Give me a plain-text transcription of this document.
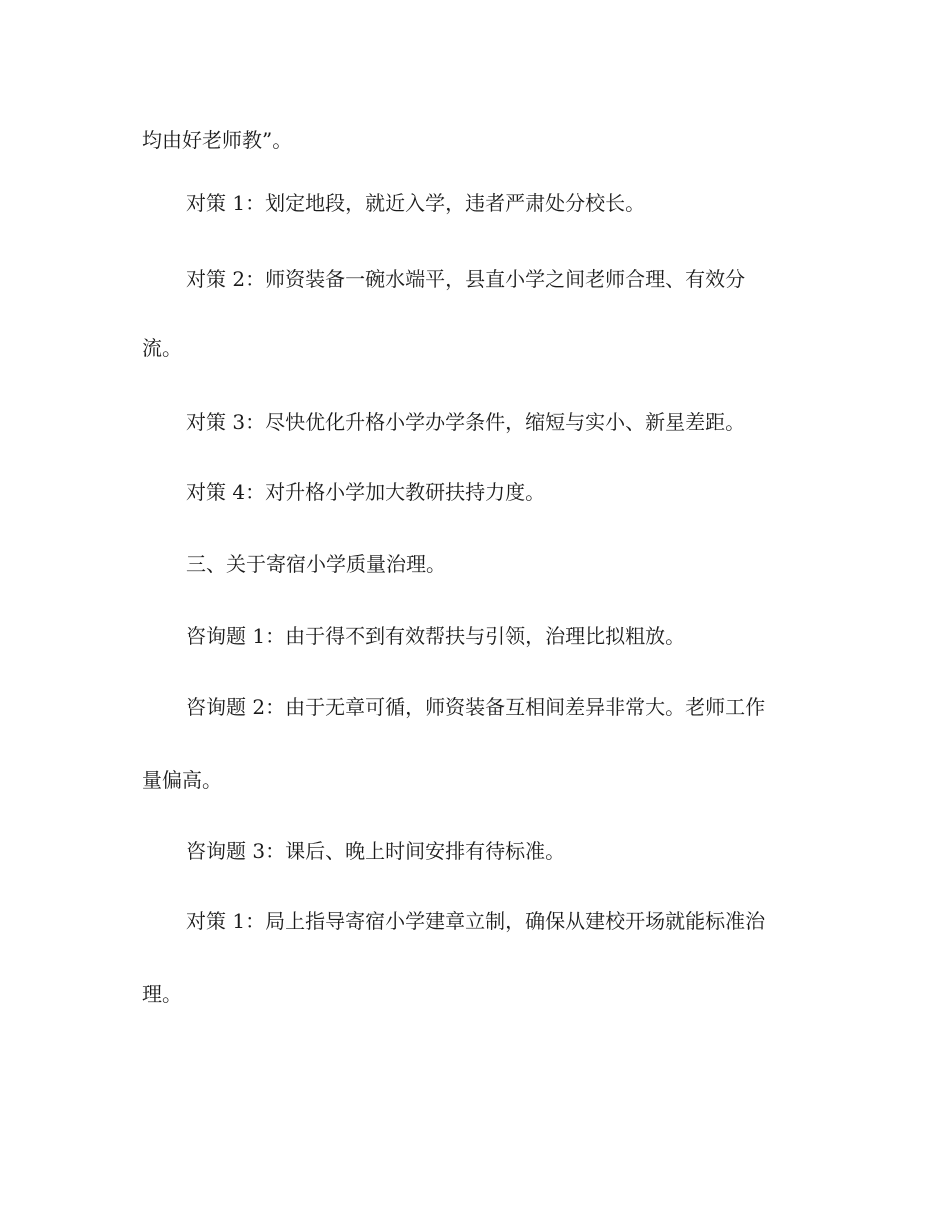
均由好老师教”。
对策 1：划定地段，就近入学，违者严肃处分校长。
对策 2：师资装备一碗水端平，县直小学之间老师合理、有效分
流。
对策 3：尽快优化升格小学办学条件，缩短与实小、新星差距。
对策 4：对升格小学加大教研扶持力度。
三、关于寄宿小学质量治理。
咨询题 1：由于得不到有效帮扶与引领，治理比拟粗放。
咨询题 2：由于无章可循，师资装备互相间差异非常大。老师工作
量偏高。
咨询题 3：课后、晚上时间安排有待标准。
对策 1：局上指导寄宿小学建章立制，确保从建校开场就能标准治
理。
